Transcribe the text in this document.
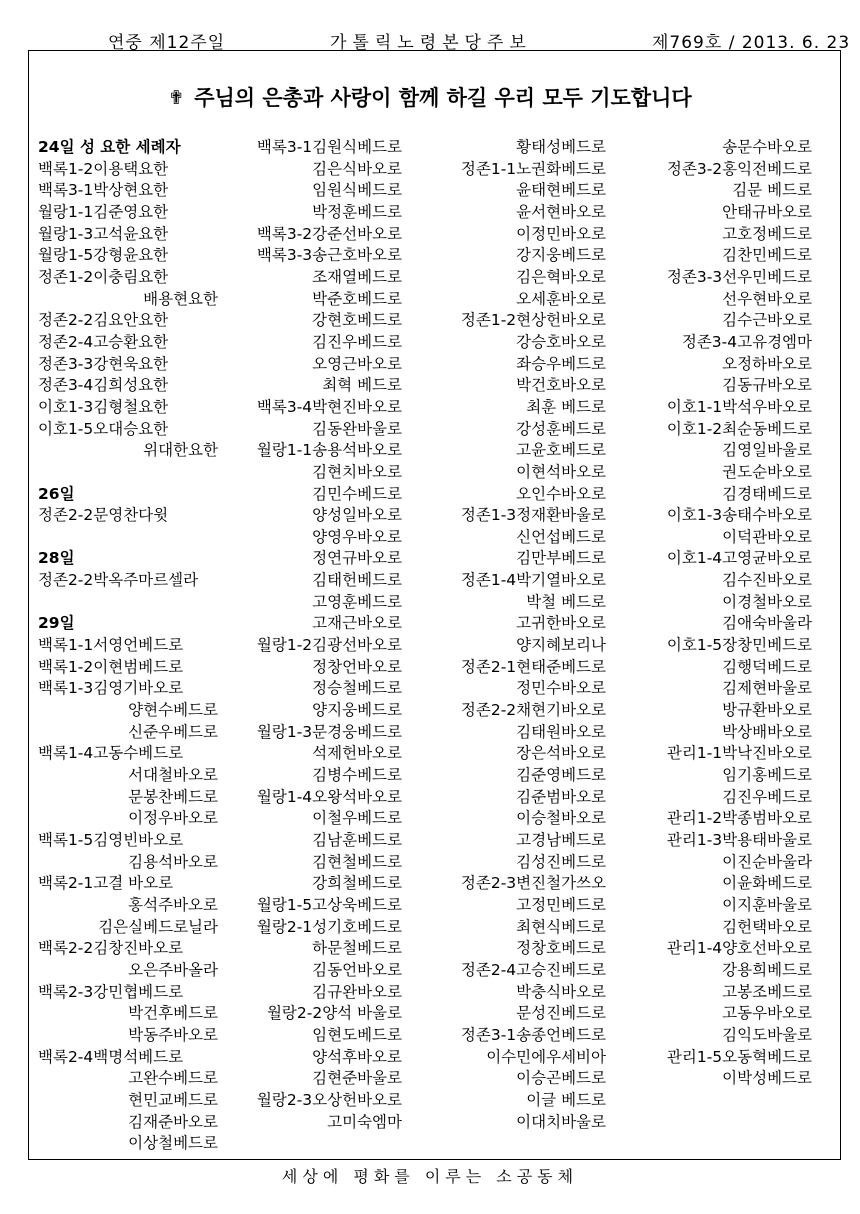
연중 제12주일	가톨릭노령본당주보	제769호 / 2013. 6. 23
✟ 주님의 은총과 사랑이 함께 하길 우리 모두 기도합니다
24일 성 요한 세례자
백록1-2이용택요한
백록3-1박상현요한
월랑1-1김준영요한
월랑1-3고석윤요한
월랑1-5강형윤요한
정존1-2이충림요한
배용현요한
정존2-2김요안요한
정존2-4고승환요한
정존3-3강현욱요한
정존3-4김희성요한
이호1-3김형철요한
이호1-5오대승요한
위대한요한
26일
정존2-2문영찬다윗
28일
정존2-2박옥주마르셀라
29일
백록1-1서영언베드로
백록1-2이현범베드로
백록1-3김영기바오로
양현수베드로
신준우베드로
백록1-4고동수베드로
서대철바오로
문봉찬베드로
이정우바오로
백록1-5김영빈바오로
김용석바오로
백록2-1고결 바오로
홍석주바오로
김은실베드로닐라
백록2-2김창진바오로
오은주바올라
백록2-3강민협베드로
박건후베드로
박동주바오로
백록2-4백명석베드로
고완수베드로
현민교베드로
김재준바오로
이상철베드로
백록3-1김원식베드로
김은식바오로
임원식베드로
박정훈베드로
백록3-2강준선바오로
백록3-3송근호바오로
조재열베드로
박준호베드로
강현호베드로
김진우베드로
오영근바오로
최혁 베드로
백록3-4박현진바오로
김동완바울로
월랑1-1송용석바오로
김현치바오로
김민수베드로
양성일바오로
양영우바오로
정연규바오로
김태헌베드로
고영훈베드로
고재근바오로
월랑1-2김광선바오로
정창언바오로
정승철베드로
양지웅베드로
월랑1-3문경웅베드로
석제헌바오로
김병수베드로
월랑1-4오왕석바오로
이철우베드로
김남훈베드로
김현철베드로
강희철베드로
월랑1-5고상욱베드로
월랑2-1성기호베드로
하문철베드로
김동언바오로
김규완바오로
월랑2-2양석 바울로
임현도베드로
양석후바오로
김현준바울로
월랑2-3오상헌바오로
고미숙엠마
황태성베드로
정존1-1노권화베드로
윤태현베드로
윤서현바오로
이정민바오로
강지웅베드로
김은혁바오로
오세훈바오로
정존1-2현상헌바오로
강승호바오로
좌승우베드로
박건호바오로
최훈 베드로
강성훈베드로
고윤호베드로
이현석바오로
오인수바오로
정존1-3정재환바울로
신언섭베드로
김만부베드로
정존1-4박기열바오로
박철 베드로
고귀한바오로
양지혜보리나
정존2-1현태준베드로
정민수바오로
정존2-2채현기바오로
김태원바오로
장은석바오로
김준영베드로
김준범바오로
이승철바오로
고경남베드로
김성진베드로
정존2-3변진철가쓰오
고정민베드로
최현식베드로
정창호베드로
정존2-4고승진베드로
박충식바오로
문성진베드로
정존3-1송종언베드로
이수민에우세비아
이승곤베드로
이글 베드로
이대치바울로
송문수바오로
정존3-2홍익전베드로
김문 베드로
안태규바오로
고호정베드로
김찬민베드로
정존3-3선우민베드로
선우현바오로
김수근바오로
정존3-4고유경엠마
오정하바오로
김동규바오로
이호1-1박석우바오로
이호1-2최순동베드로
김영일바울로
권도순바오로
김경태베드로
이호1-3송태수바오로
이덕관바오로
이호1-4고영균바오로
김수진바오로
이경철바오로
김애숙바울라
이호1-5장창민베드로
김행덕베드로
김제현바울로
방규환바오로
박상배바오로
관리1-1박낙진바오로
임기홍베드로
김진우베드로
관리1-2박종범바오로
관리1-3박용태바울로
이진순바울라
이윤화베드로
이지훈바울로
김헌택바오로
관리1-4양호선바오로
강용희베드로
고봉조베드로
고동우바오로
김익도바울로
관리1-5오동혁베드로
이박성베드로
세상에 평화를 이루는 소공동체
